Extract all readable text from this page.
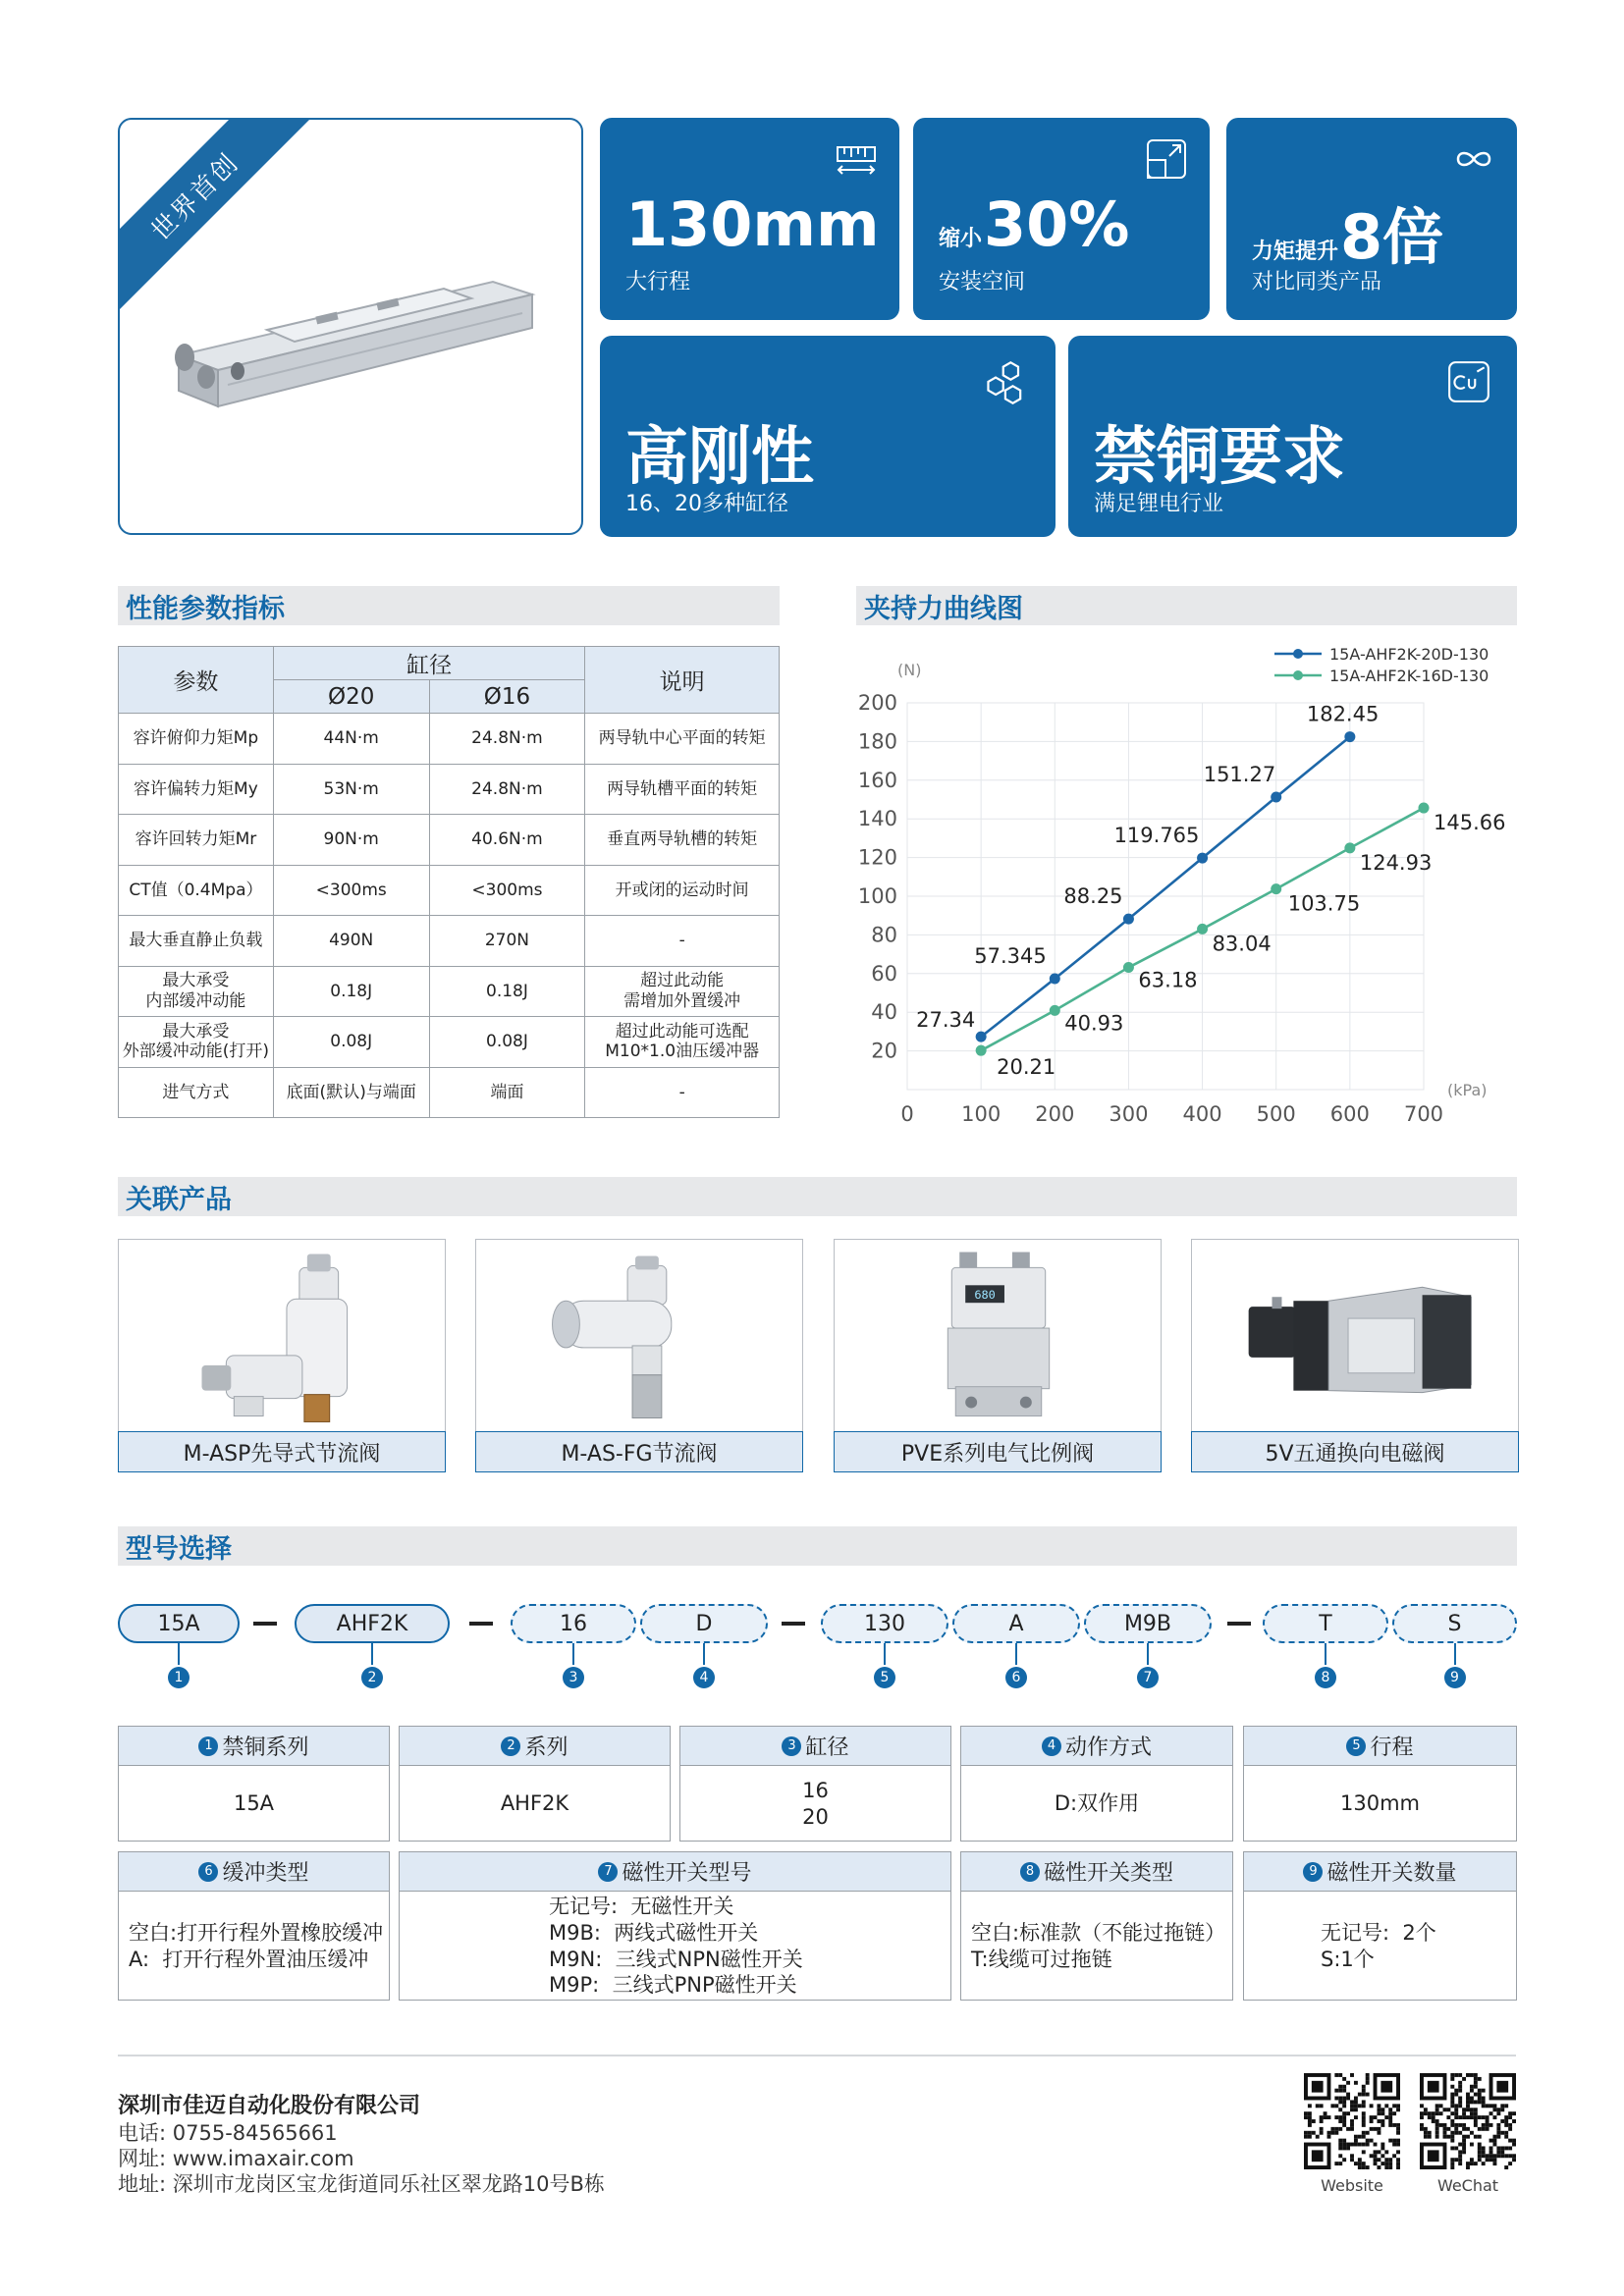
世界首创	130mm
大行程
缩小30%
安装空间
力矩提升8倍
对比同类产品
高刚性
16、20多种缸径
禁铜要求
满足锂电行业
性能参数指标	夹持力曲线图
关联产品
型号选择
参数	缸径		说明
	Ø20	Ø16	
容许俯仰力矩Mp	44N·m	24.8N·m	两导轨中心平面的转矩
容许偏转力矩My	53N·m	24.8N·m	两导轨槽平面的转矩
容许回转力矩Mr	90N·m	40.6N·m	垂直两导轨槽的转矩
CT值（0.4Mpa）	<300ms	<300ms	开或闭的运动时间
最大垂直静止负载	490N	270N	-
最大承受
内部缓冲动能	0.18J	0.18J	超过此动能
需增加外置缓冲
最大承受
外部缓冲动能(打开)	0.08J	0.08J	超过此动能可选配
M10*1.0油压缓冲器
进气方式	底面(默认)与端面	端面	-
0 100 200 300 400 500 600 700
20
40
60
80
100
120
140
160
180
200
(N)
(kPa)
15A-AHF2K-20D-130
15A-AHF2K-16D-130
27.34
57.345
88.25
119.765
151.27
182.45
20.21
40.93
63.18
83.04
103.75
124.93
145.66
M-ASP先导式节流阀	M-AS-FG节流阀
680
PVE系列电气比例阀	5V五通换向电磁阀
15A
1
AHF2K
2
16
3
D
4
130
5
A
6
M9B
7
T
8
S
9
1 禁铜系列
15A
2 系列
AHF2K
3 缸径
16
20
4 动作方式
D:双作用
5 行程
130mm
6 缓冲类型
空白:打开行程外置橡胶缓冲
A:  打开行程外置油压缓冲
7 磁性开关型号
无记号:  无磁性开关
M9B:  两线式磁性开关
M9N:  三线式NPN磁性开关
M9P:  三线式PNP磁性开关
8 磁性开关类型
空白:标准款（不能过拖链）
T:线缆可过拖链
9 磁性开关数量
无记号:  2个
S:1个
深圳市佳迈自动化股份有限公司
电话: 0755-84565661
网址: www.imaxair.com
地址: 深圳市龙岗区宝龙街道同乐社区翠龙路10号B栋	Website	WeChat
